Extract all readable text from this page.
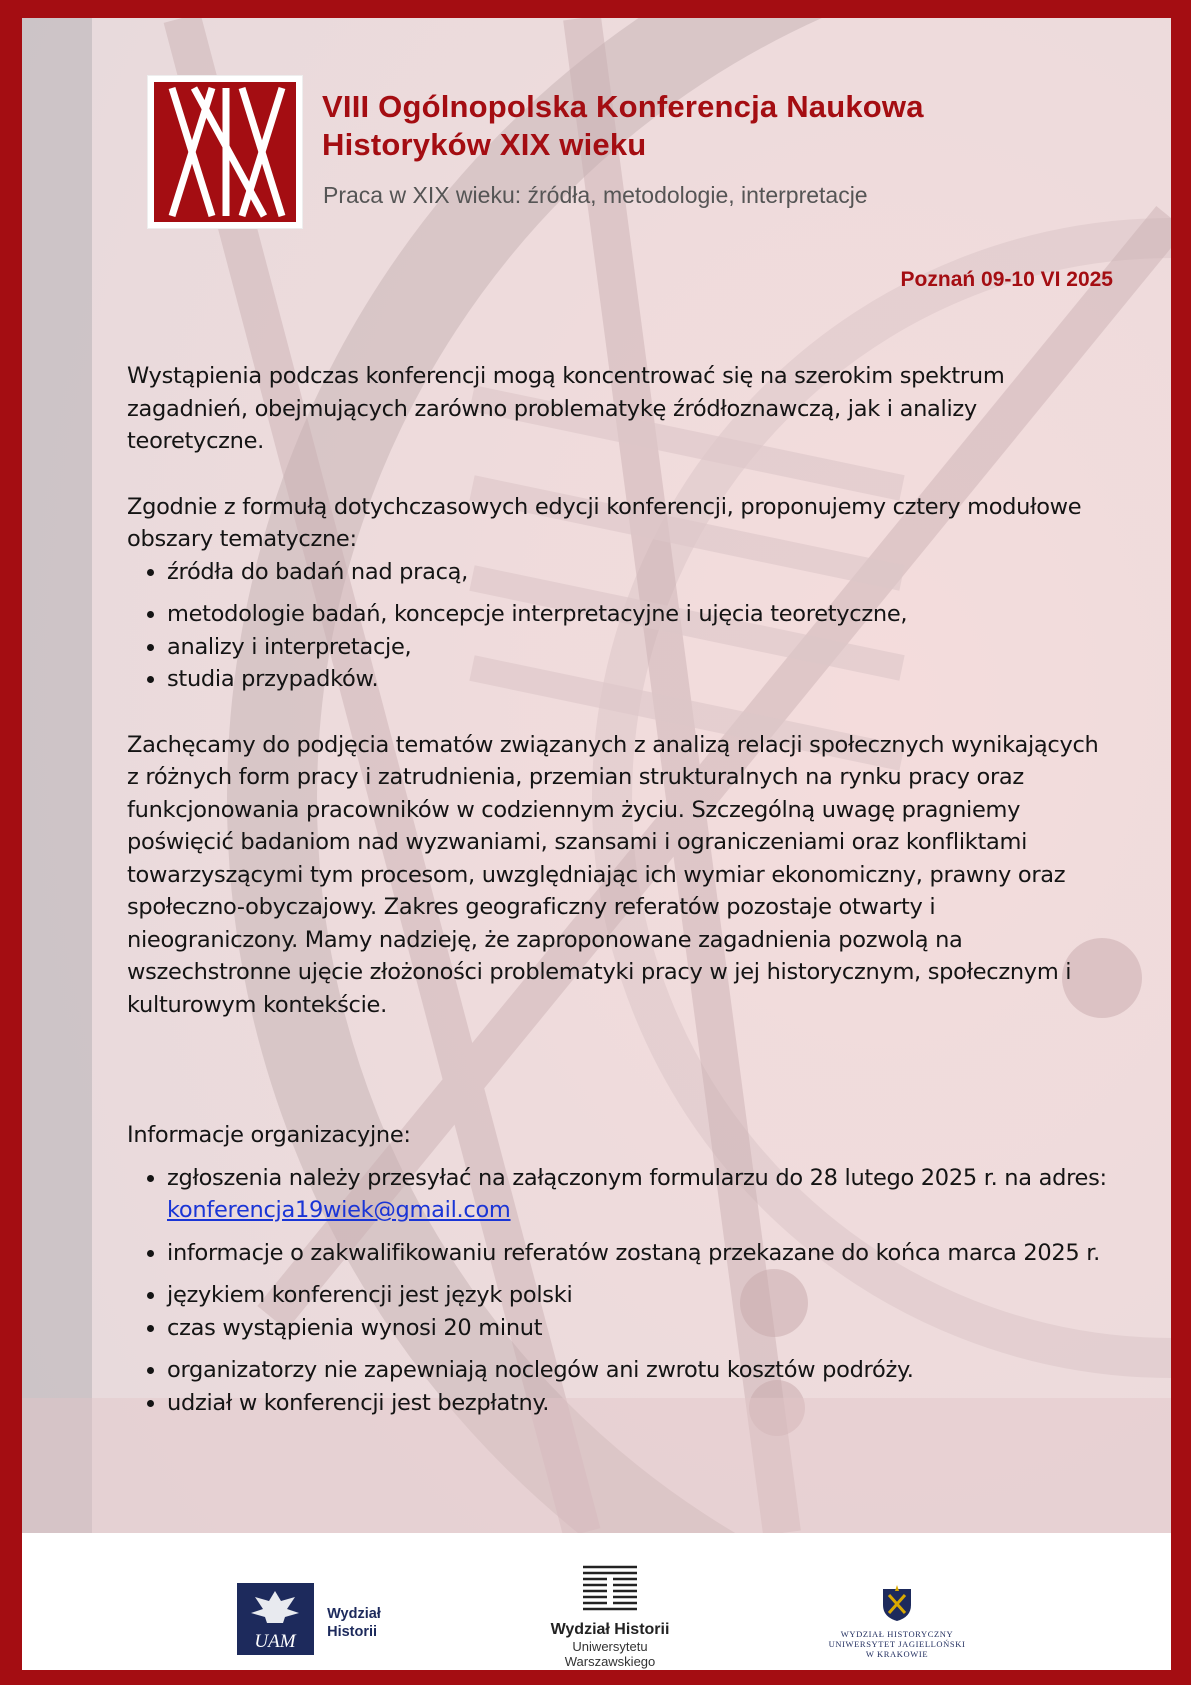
VIII Ogólnopolska Konferencja Naukowa
Historyków XIX wieku
Praca w XIX wieku: źródła, metodologie, interpretacje
Poznań 09-10 VI 2025

Wystąpienia podczas konferencji mogą koncentrować się na szerokim spektrum zagadnień, obejmujących zarówno problematykę źródłoznawczą, jak i analizy teoretyczne.

Zgodnie z formułą dotychczasowych edycji konferencji, proponujemy cztery modułowe obszary tematyczne:

• źródła do badań nad pracą,
• metodologie badań, koncepcje interpretacyjne i ujęcia teoretyczne,
• analizy i interpretacje,
• studia przypadków.

Zachęcamy do podjęcia tematów związanych z analizą relacji społecznych wynikających z różnych form pracy i zatrudnienia, przemian strukturalnych na rynku pracy oraz funkcjonowania pracowników w codziennym życiu. Szczególną uwagę pragniemy poświęcić badaniom nad wyzwaniami, szansami i ograniczeniami oraz konfliktami towarzyszącymi tym procesom, uwzględniając ich wymiar ekonomiczny, prawny oraz społeczno-obyczajowy. Zakres geograficzny referatów pozostaje otwarty i nieograniczony. Mamy nadzieję, że zaproponowane zagadnienia pozwolą na wszechstronne ujęcie złożoności problematyki pracy w jej historycznym, społecznym i kulturowym kontekście.

Informacje organizacyjne:

• zgłoszenia należy przesyłać na załączonym formularzu do 28 lutego 2025 r. na adres: konferencja19wiek@gmail.com
• informacje o zakwalifikowaniu referatów zostaną przekazane do końca marca 2025 r.
• językiem konferencji jest język polski
• czas wystąpienia wynosi 20 minut
• organizatorzy nie zapewniają noclegów ani zwrotu kosztów podróży.
• udział w konferencji jest bezpłatny.
UAM

Wydział
Historii	Wydział Historii
Uniwersytetu Warszawskiego
WYDZIAŁ HISTORYCZNY
UNIWERSYTET JAGIELLOŃSKI
W KRAKOWIE
